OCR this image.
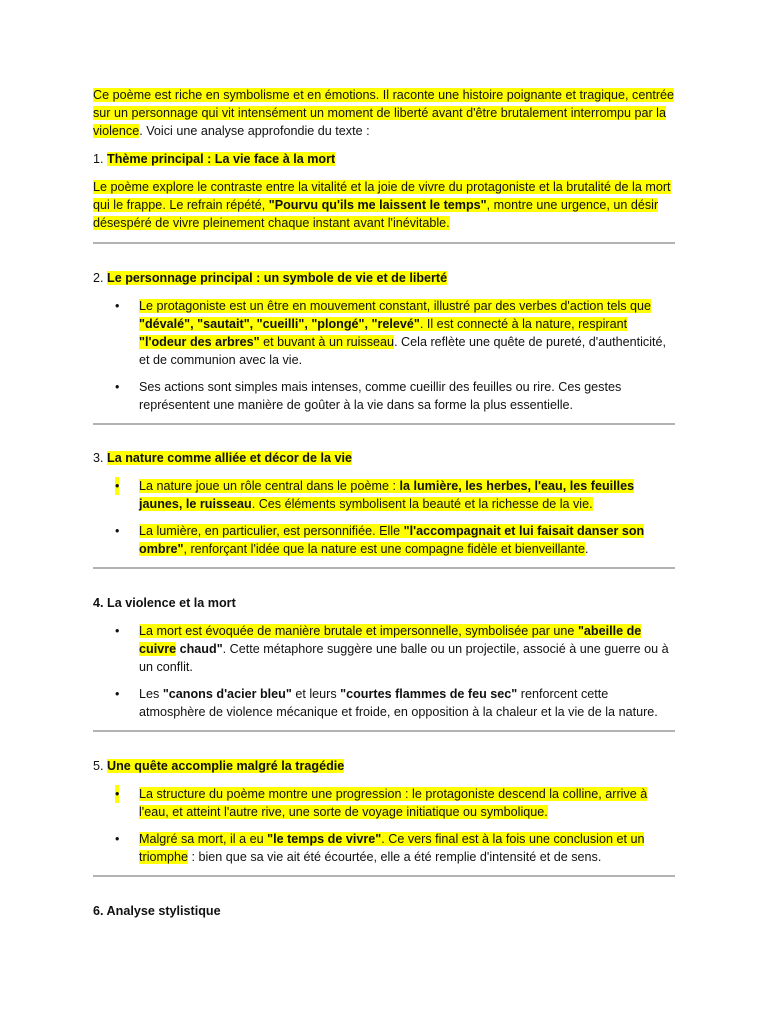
Ce poème est riche en symbolisme et en émotions. Il raconte une histoire poignante et tragique, centrée sur un personnage qui vit intensément un moment de liberté avant d'être brutalement interrompu par la violence. Voici une analyse approfondie du texte :

1. Thème principal : La vie face à la mort

Le poème explore le contraste entre la vitalité et la joie de vivre du protagoniste et la brutalité de la mort qui le frappe. Le refrain répété, "Pourvu qu'ils me laissent le temps", montre une urgence, un désir désespéré de vivre pleinement chaque instant avant l'inévitable.

2. Le personnage principal : un symbole de vie et de liberté

• Le protagoniste est un être en mouvement constant, illustré par des verbes d'action tels que "dévalé", "sautait", "cueilli", "plongé", "relevé". Il est connecté à la nature, respirant "l'odeur des arbres" et buvant à un ruisseau. Cela reflète une quête de pureté, d'authenticité, et de communion avec la vie.
• Ses actions sont simples mais intenses, comme cueillir des feuilles ou rire. Ces gestes représentent une manière de goûter à la vie dans sa forme la plus essentielle.

3. La nature comme alliée et décor de la vie

• La nature joue un rôle central dans le poème : la lumière, les herbes, l'eau, les feuilles jaunes, le ruisseau. Ces éléments symbolisent la beauté et la richesse de la vie.
• La lumière, en particulier, est personnifiée. Elle "l'accompagnait et lui faisait danser son ombre", renforçant l'idée que la nature est une compagne fidèle et bienveillante.

4. La violence et la mort

• La mort est évoquée de manière brutale et impersonnelle, symbolisée par une "abeille de cuivre chaud". Cette métaphore suggère une balle ou un projectile, associé à une guerre ou à un conflit.
• Les "canons d'acier bleu" et leurs "courtes flammes de feu sec" renforcent cette atmosphère de violence mécanique et froide, en opposition à la chaleur et la vie de la nature.

5. Une quête accomplie malgré la tragédie

• La structure du poème montre une progression : le protagoniste descend la colline, arrive à l'eau, et atteint l'autre rive, une sorte de voyage initiatique ou symbolique.
• Malgré sa mort, il a eu "le temps de vivre". Ce vers final est à la fois une conclusion et un triomphe : bien que sa vie ait été écourtée, elle a été remplie d'intensité et de sens.

6. Analyse stylistique
